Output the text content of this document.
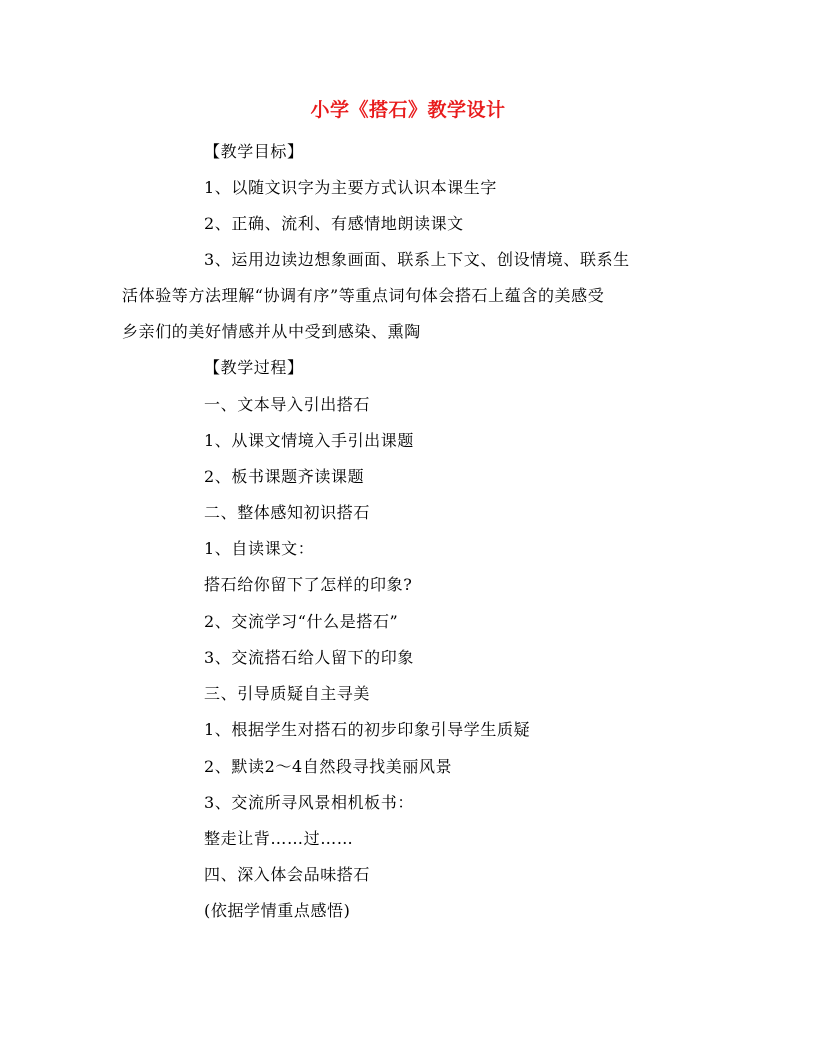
小学《搭石》教学设计
【教学目标】
1、以随文识字为主要方式认识本课生字
2、正确、流利、有感情地朗读课文
3、运用边读边想象画面、联系上下文、创设情境、联系生
活体验等方法理解“协调有序”等重点词句体会搭石上蕴含的美感受
乡亲们的美好情感并从中受到感染、熏陶
【教学过程】
一、文本导入引出搭石
1、从课文情境入手引出课题
2、板书课题齐读课题
二、整体感知初识搭石
1、自读课文：
搭石给你留下了怎样的印象?
2、交流学习“什么是搭石”
3、交流搭石给人留下的印象
三、引导质疑自主寻美
1、根据学生对搭石的初步印象引导学生质疑
2、默读2～4自然段寻找美丽风景
3、交流所寻风景相机板书：
整走让背……过……
四、深入体会品味搭石
(依据学情重点感悟)
